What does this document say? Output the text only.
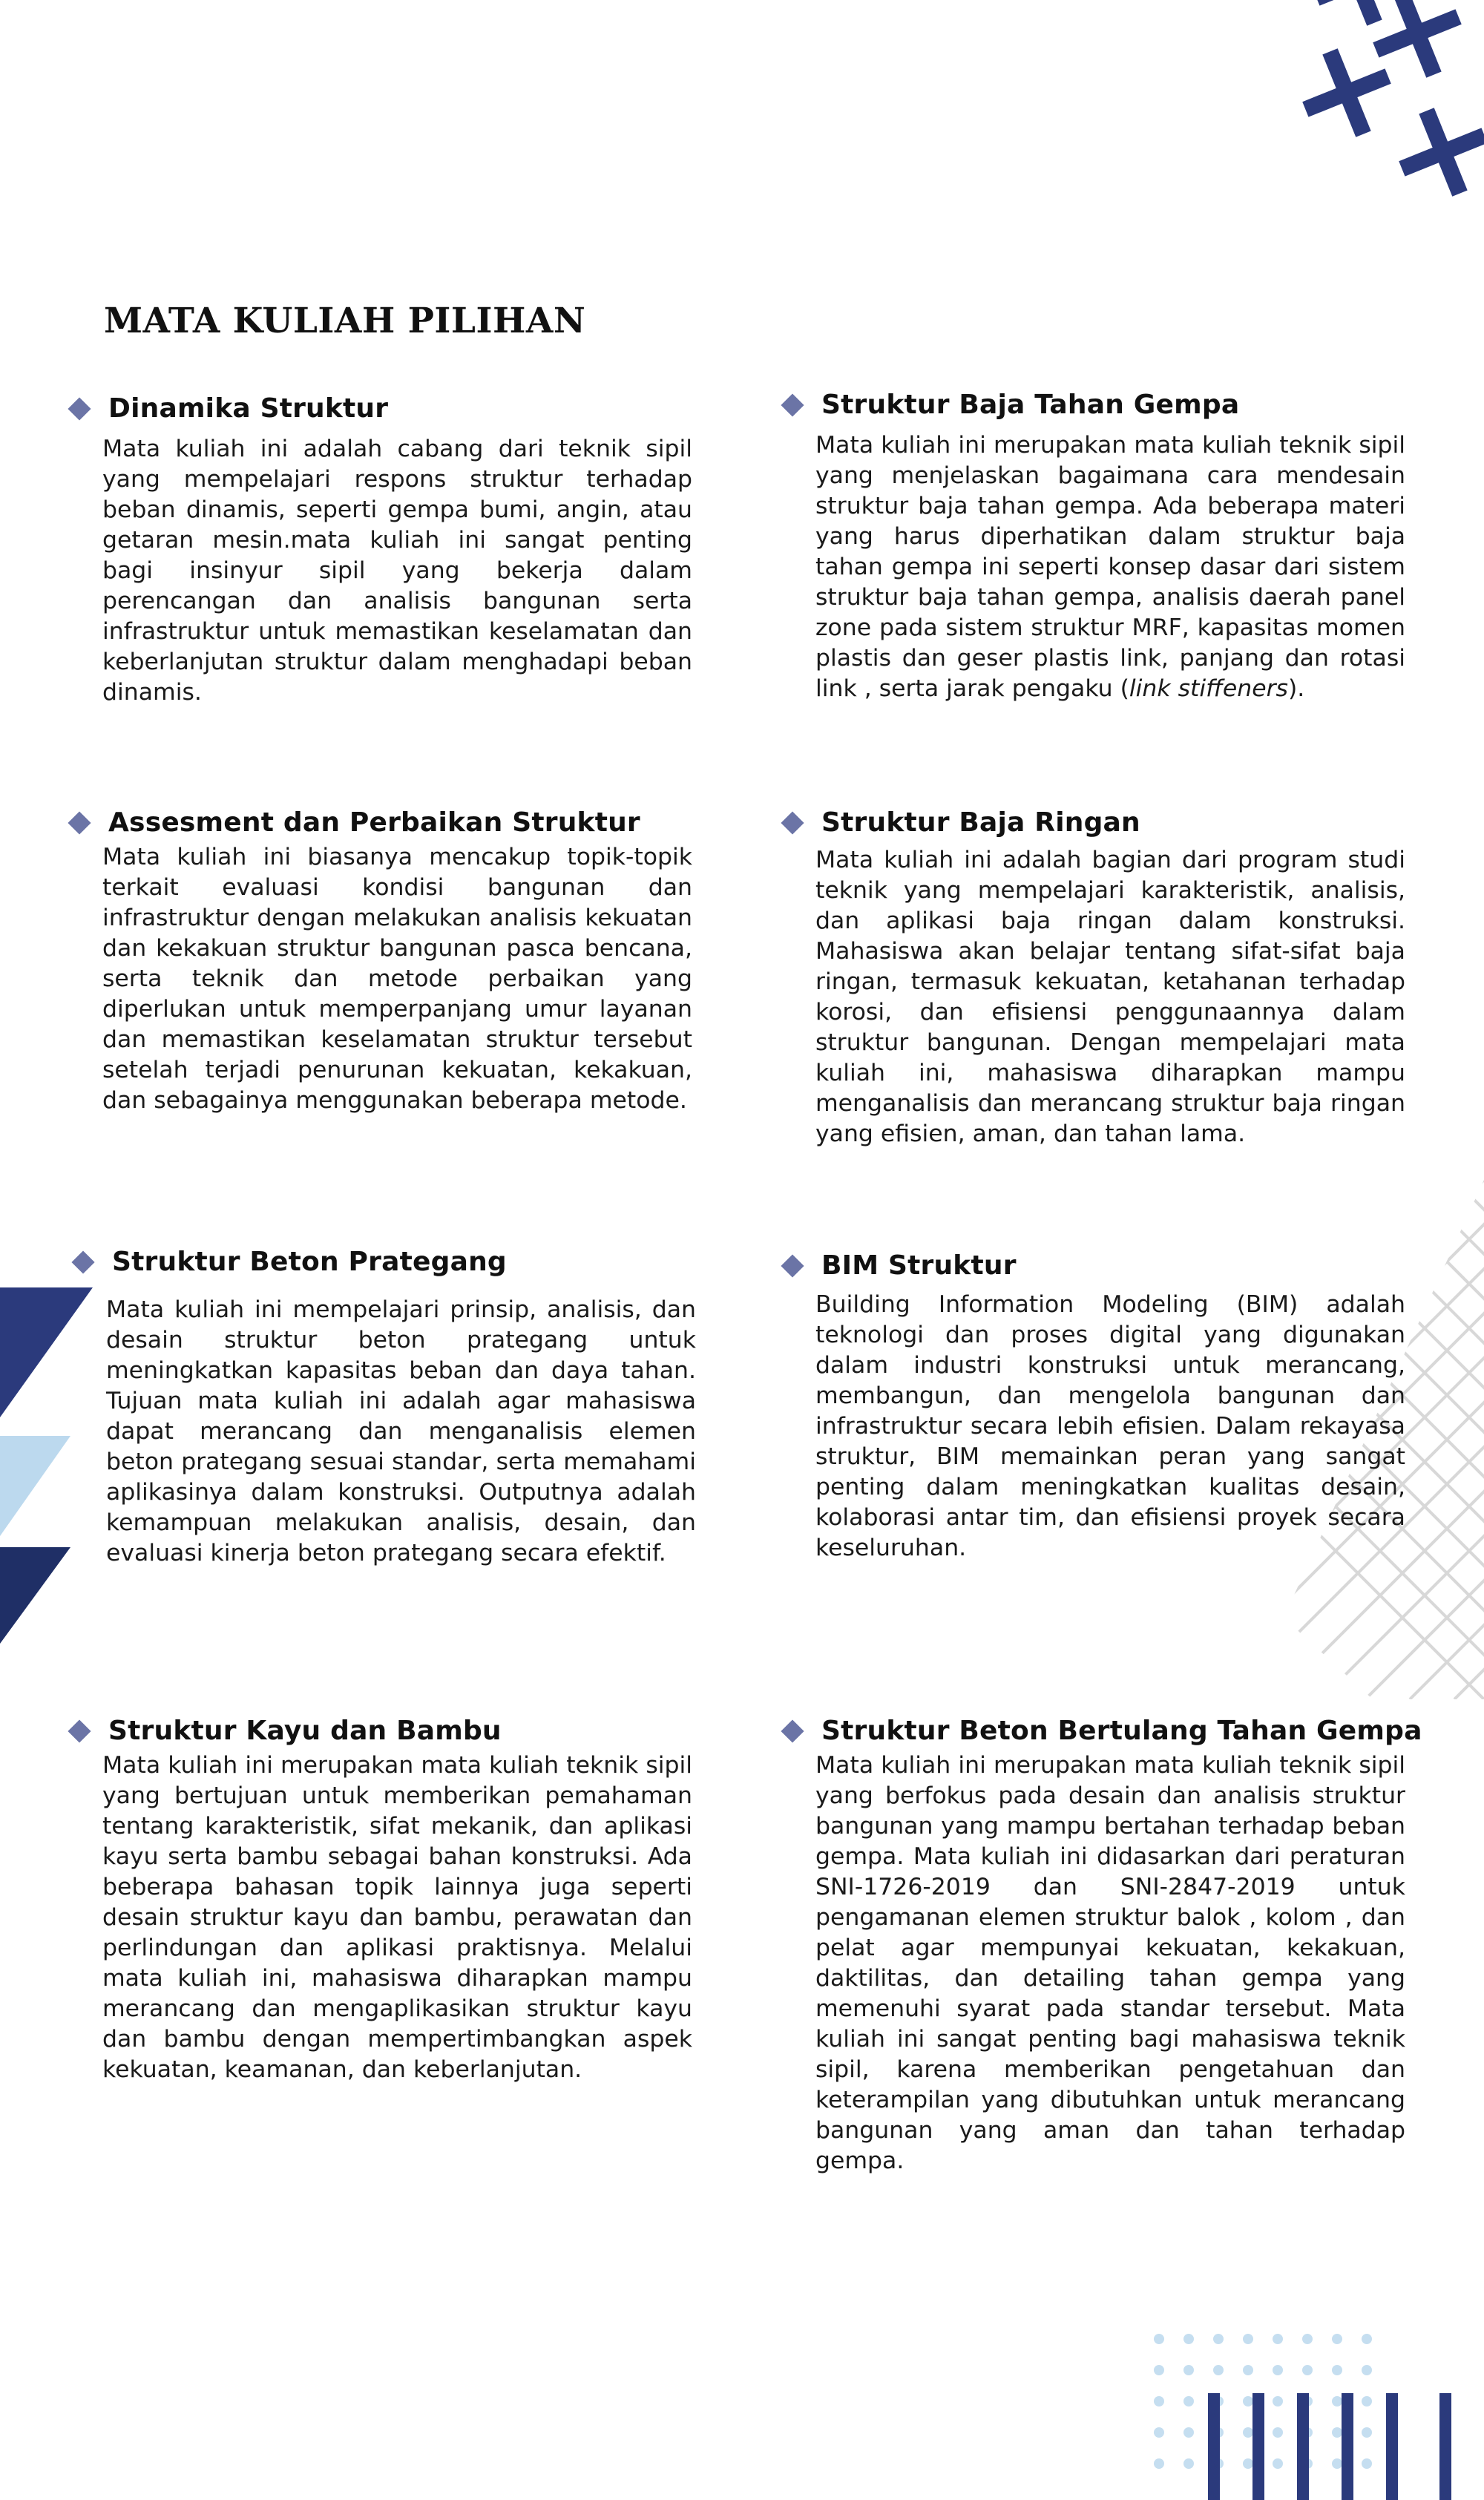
MATA KULIAH PILIHAN
Dinamika Struktur

Mata kuliah ini adalah cabang dari teknik sipil yang mempelajari respons struktur terhadap beban dinamis, seperti gempa bumi, angin, atau getaran mesin.mata kuliah ini sangat penting bagi insinyur sipil yang bekerja dalam perencangan dan analisis bangunan serta infrastruktur untuk memastikan keselamatan dan keberlanjutan struktur dalam menghadapi beban dinamis.

Struktur Baja Tahan Gempa

Mata kuliah ini merupakan mata kuliah teknik sipil yang menjelaskan bagaimana cara mendesain struktur baja tahan gempa. Ada beberapa materi yang harus diperhatikan dalam struktur baja tahan gempa ini seperti konsep dasar dari sistem struktur baja tahan gempa, analisis daerah panel zone pada sistem struktur MRF, kapasitas momen plastis dan geser plastis link, panjang dan rotasi link , serta jarak pengaku (link stiffeners).

Assesment dan Perbaikan Struktur

Mata kuliah ini biasanya mencakup topik-topik terkait evaluasi kondisi bangunan dan infrastruktur dengan melakukan analisis kekuatan dan kekakuan struktur bangunan pasca bencana, serta teknik dan metode perbaikan yang diperlukan untuk memperpanjang umur layanan dan memastikan keselamatan struktur tersebut setelah terjadi penurunan kekuatan, kekakuan, dan sebagainya menggunakan beberapa metode.

Struktur Baja Ringan

Mata kuliah ini adalah bagian dari program studi teknik yang mempelajari karakteristik, analisis, dan aplikasi baja ringan dalam konstruksi. Mahasiswa akan belajar tentang sifat-sifat baja ringan, termasuk kekuatan, ketahanan terhadap korosi, dan efisiensi penggunaannya dalam struktur bangunan. Dengan mempelajari mata kuliah ini, mahasiswa diharapkan mampu menganalisis dan merancang struktur baja ringan yang efisien, aman, dan tahan lama.

Struktur Beton Prategang

Mata kuliah ini mempelajari prinsip, analisis, dan desain struktur beton prategang untuk meningkatkan kapasitas beban dan daya tahan. Tujuan mata kuliah ini adalah agar mahasiswa dapat merancang dan menganalisis elemen beton prategang sesuai standar, serta memahami aplikasinya dalam konstruksi. Outputnya adalah kemampuan melakukan analisis, desain, dan evaluasi kinerja beton prategang secara efektif.

BIM Struktur

Building Information Modeling (BIM) adalah teknologi dan proses digital yang digunakan dalam industri konstruksi untuk merancang, membangun, dan mengelola bangunan dan infrastruktur secara lebih efisien. Dalam rekayasa struktur, BIM memainkan peran yang sangat penting dalam meningkatkan kualitas desain, kolaborasi antar tim, dan efisiensi proyek secara keseluruhan.

Struktur Kayu dan Bambu

Mata kuliah ini merupakan mata kuliah teknik sipil yang bertujuan untuk memberikan pemahaman tentang karakteristik, sifat mekanik, dan aplikasi kayu serta bambu sebagai bahan konstruksi. Ada beberapa bahasan topik lainnya juga seperti desain struktur kayu dan bambu, perawatan dan perlindungan dan aplikasi praktisnya. Melalui mata kuliah ini, mahasiswa diharapkan mampu merancang dan mengaplikasikan struktur kayu dan bambu dengan mempertimbangkan aspek kekuatan, keamanan, dan keberlanjutan.

Struktur Beton Bertulang Tahan Gempa

Mata kuliah ini merupakan mata kuliah teknik sipil yang berfokus pada desain dan analisis struktur bangunan yang mampu bertahan terhadap beban gempa. Mata kuliah ini didasarkan dari peraturan SNI-1726-2019 dan SNI-2847-2019 untuk pengamanan elemen struktur balok , kolom , dan pelat agar mempunyai kekuatan, kekakuan, daktilitas, dan detailing tahan gempa yang memenuhi syarat pada standar tersebut. Mata kuliah ini sangat penting bagi mahasiswa teknik sipil, karena memberikan pengetahuan dan keterampilan yang dibutuhkan untuk merancang bangunan yang aman dan tahan terhadap gempa.
